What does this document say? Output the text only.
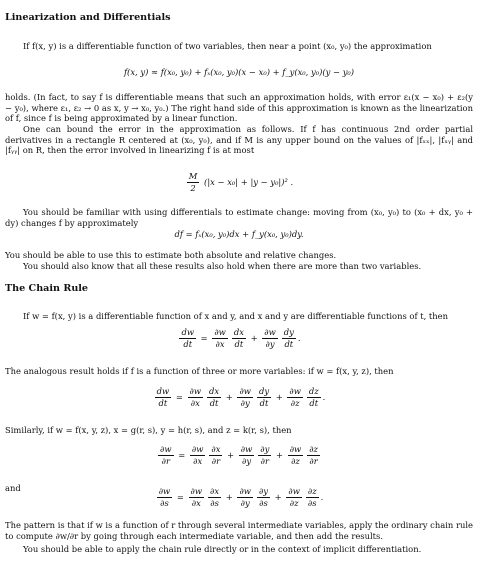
Linearization and Differentials
If f(x, y) is a differentiable function of two variables, then near a point (x₀, y₀) the approximation
f(x, y) ≈ f(x₀, y₀) + fₓ(x₀, y₀)(x − x₀) + f_y(x₀, y₀)(y − y₀)
holds. (In fact, to say f is differentiable means that such an approximation holds, with error ε₁(x − x₀) + ε₂(y − y₀), where ε₁, ε₂ → 0 as x, y → x₀, y₀.) The right hand side of this approximation is known as the linearization of f, since f is being approximated by a linear function.
One can bound the error in the approximation as follows. If f has continuous 2nd order partial derivatives in a rectangle R centered at (x₀, y₀), and if M is any upper bound on the values of |fₓₓ|, |fₓᵧ| and |fᵧᵧ| on R, then the error involved in linearizing f is at most
$\frac{M}{2} (|x - x_0| + |y - y_0|)^2$ .
You should be familiar with using differentials to estimate change: moving from (x₀, y₀) to (x₀ + dx, y₀ + dy) changes f by approximately
df = fₓ(x₀, y₀)dx + f_y(x₀, y₀)dy.
You should be able to use this to estimate both absolute and relative changes.
You should also know that all these results also hold when there are more than two variables.
The Chain Rule
If w = f(x, y) is a differentiable function of x and y, and x and y are differentiable functions of t, then
$\frac{dw}{dt} = \frac{\partial w}{\partial x} \frac{dx}{dt} + \frac{\partial w}{\partial y} \frac{dy}{dt}$ .
The analogous result holds if f is a function of three or more variables: if w = f(x, y, z), then
$\frac{dw}{dt} = \frac{\partial w}{\partial x} \frac{dx}{dt} + \frac{\partial w}{\partial y} \frac{dy}{dt} + \frac{\partial w}{\partial z} \frac{dz}{dt}$ .
Similarly, if w = f(x, y, z), x = g(r, s), y = h(r, s), and z = k(r, s), then
$\frac{\partial w}{\partial r} = \frac{\partial w}{\partial x} \frac{\partial x}{\partial r} + \frac{\partial w}{\partial y} \frac{\partial y}{\partial r} + \frac{\partial w}{\partial z} \frac{\partial z}{\partial r}$
and	$\frac{\partial w}{\partial s} = \frac{\partial w}{\partial x} \frac{\partial x}{\partial s} + \frac{\partial w}{\partial y} \frac{\partial y}{\partial s} + \frac{\partial w}{\partial z} \frac{\partial z}{\partial s}$ .
The pattern is that if w is a function of r through several intermediate variables, apply the ordinary chain rule to compute ∂w/∂r by going through each intermediate variable, and then add the results.
You should be able to apply the chain rule directly or in the context of implicit differentiation.
